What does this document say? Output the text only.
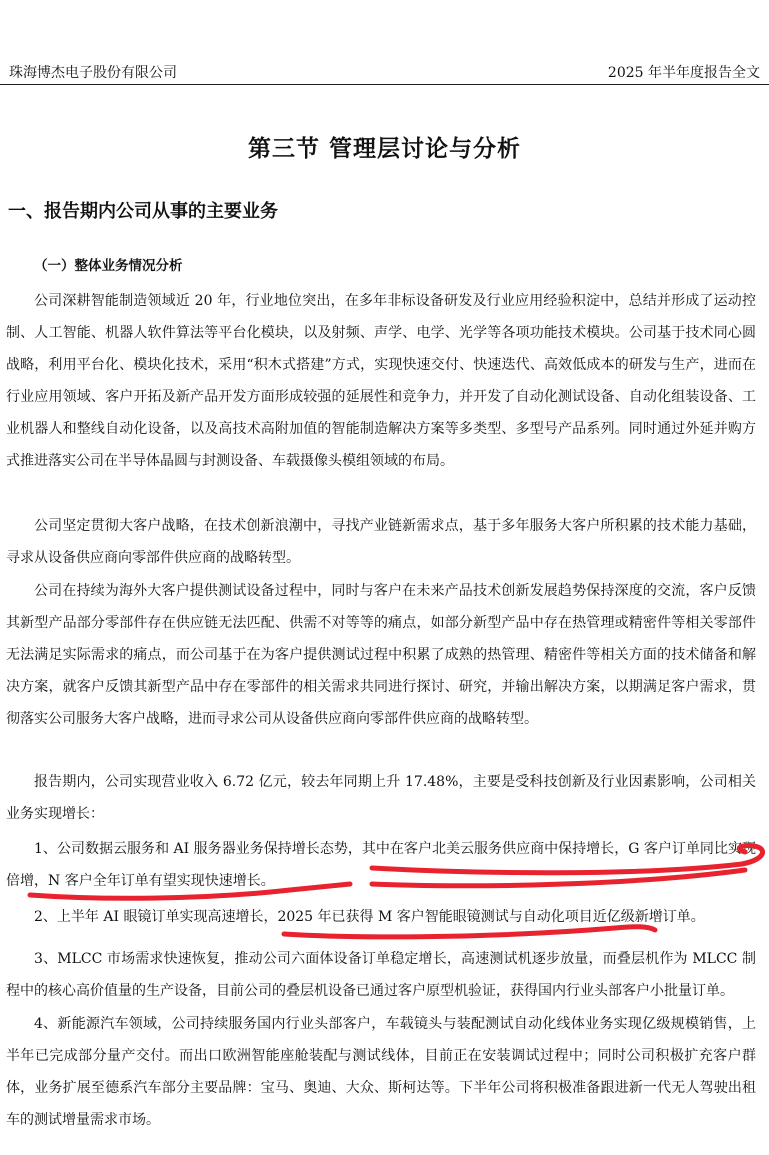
珠海博杰电子股份有限公司	2025 年半年度报告全文
第三节 管理层讨论与分析
一、报告期内公司从事的主要业务
（一）整体业务情况分析

公司深耕智能制造领域近 20 年，行业地位突出，在多年非标设备研发及行业应用经验积淀中，总结并形成了运动控制、人工智能、机器人软件算法等平台化模块，以及射频、声学、电学、光学等各项功能技术模块。公司基于技术同心圆战略，利用平台化、模块化技术，采用“积木式搭建”方式，实现快速交付、快速迭代、高效低成本的研发与生产，进而在行业应用领域、客户开拓及新产品开发方面形成较强的延展性和竞争力，并开发了自动化测试设备、自动化组装设备、工业机器人和整线自动化设备，以及高技术高附加值的智能制造解决方案等多类型、多型号产品系列。同时通过外延并购方式推进落实公司在半导体晶圆与封测设备、车载摄像头模组领域的布局。

公司坚定贯彻大客户战略，在技术创新浪潮中，寻找产业链新需求点，基于多年服务大客户所积累的技术能力基础，寻求从设备供应商向零部件供应商的战略转型。

公司在持续为海外大客户提供测试设备过程中，同时与客户在未来产品技术创新发展趋势保持深度的交流，客户反馈其新型产品部分零部件存在供应链无法匹配、供需不对等等的痛点，如部分新型产品中存在热管理或精密件等相关零部件无法满足实际需求的痛点，而公司基于在为客户提供测试过程中积累了成熟的热管理、精密件等相关方面的技术储备和解决方案，就客户反馈其新型产品中存在零部件的相关需求共同进行探讨、研究，并输出解决方案，以期满足客户需求，贯彻落实公司服务大客户战略，进而寻求公司从设备供应商向零部件供应商的战略转型。

报告期内，公司实现营业收入 6.72 亿元，较去年同期上升 17.48%，主要是受科技创新及行业因素影响，公司相关业务实现增长：

1、公司数据云服务和 AI 服务器业务保持增长态势，其中在客户北美云服务供应商中保持增长，G 客户订单同比实现倍增，N 客户全年订单有望实现快速增长。

2、上半年 AI 眼镜订单实现高速增长，2025 年已获得 M 客户智能眼镜测试与自动化项目近亿级新增订单。

3、MLCC 市场需求快速恢复，推动公司六面体设备订单稳定增长，高速测试机逐步放量，而叠层机作为 MLCC 制程中的核心高价值量的生产设备，目前公司的叠层机设备已通过客户原型机验证，获得国内行业头部客户小批量订单。

4、新能源汽车领域，公司持续服务国内行业头部客户，车载镜头与装配测试自动化线体业务实现亿级规模销售，上半年已完成部分量产交付。而出口欧洲智能座舱装配与测试线体，目前正在安装调试过程中；同时公司积极扩充客户群体，业务扩展至德系汽车部分主要品牌：宝马、奥迪、大众、斯柯达等。下半年公司将积极准备跟进新一代无人驾驶出租车的测试增量需求市场。
